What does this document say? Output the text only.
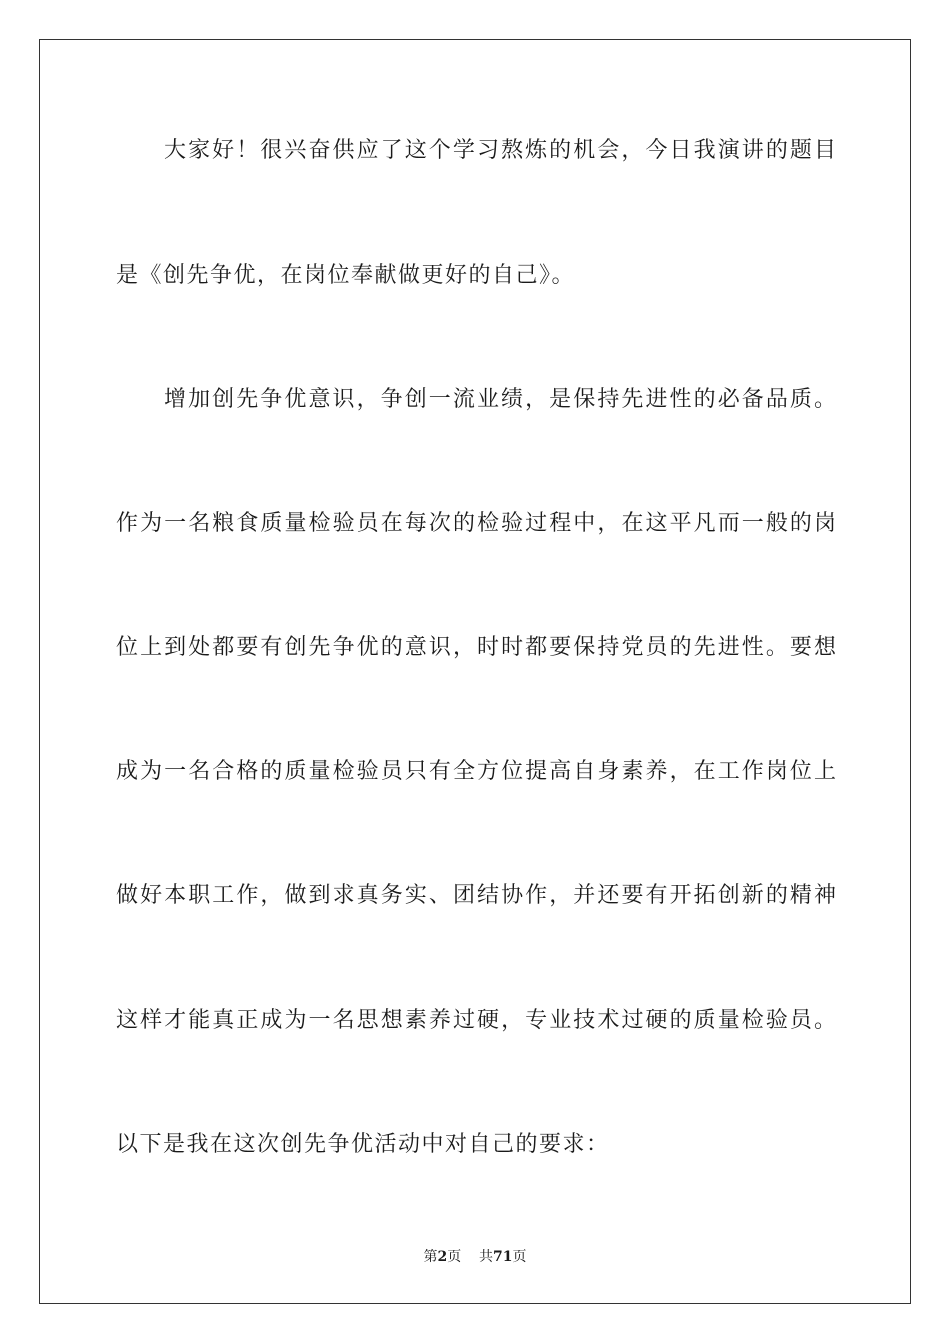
大家好！很兴奋供应了这个学习熬炼的机会，今日我演讲的题目
是《创先争优，在岗位奉献做更好的自己》。
增加创先争优意识，争创一流业绩，是保持先进性的必备品质。
作为一名粮食质量检验员在每次的检验过程中，在这平凡而一般的岗
位上到处都要有创先争优的意识，时时都要保持党员的先进性。要想
成为一名合格的质量检验员只有全方位提高自身素养，在工作岗位上
做好本职工作，做到求真务实、团结协作，并还要有开拓创新的精神
这样才能真正成为一名思想素养过硬，专业技术过硬的质量检验员。
以下是我在这次创先争优活动中对自己的要求：
第2页 共71页
